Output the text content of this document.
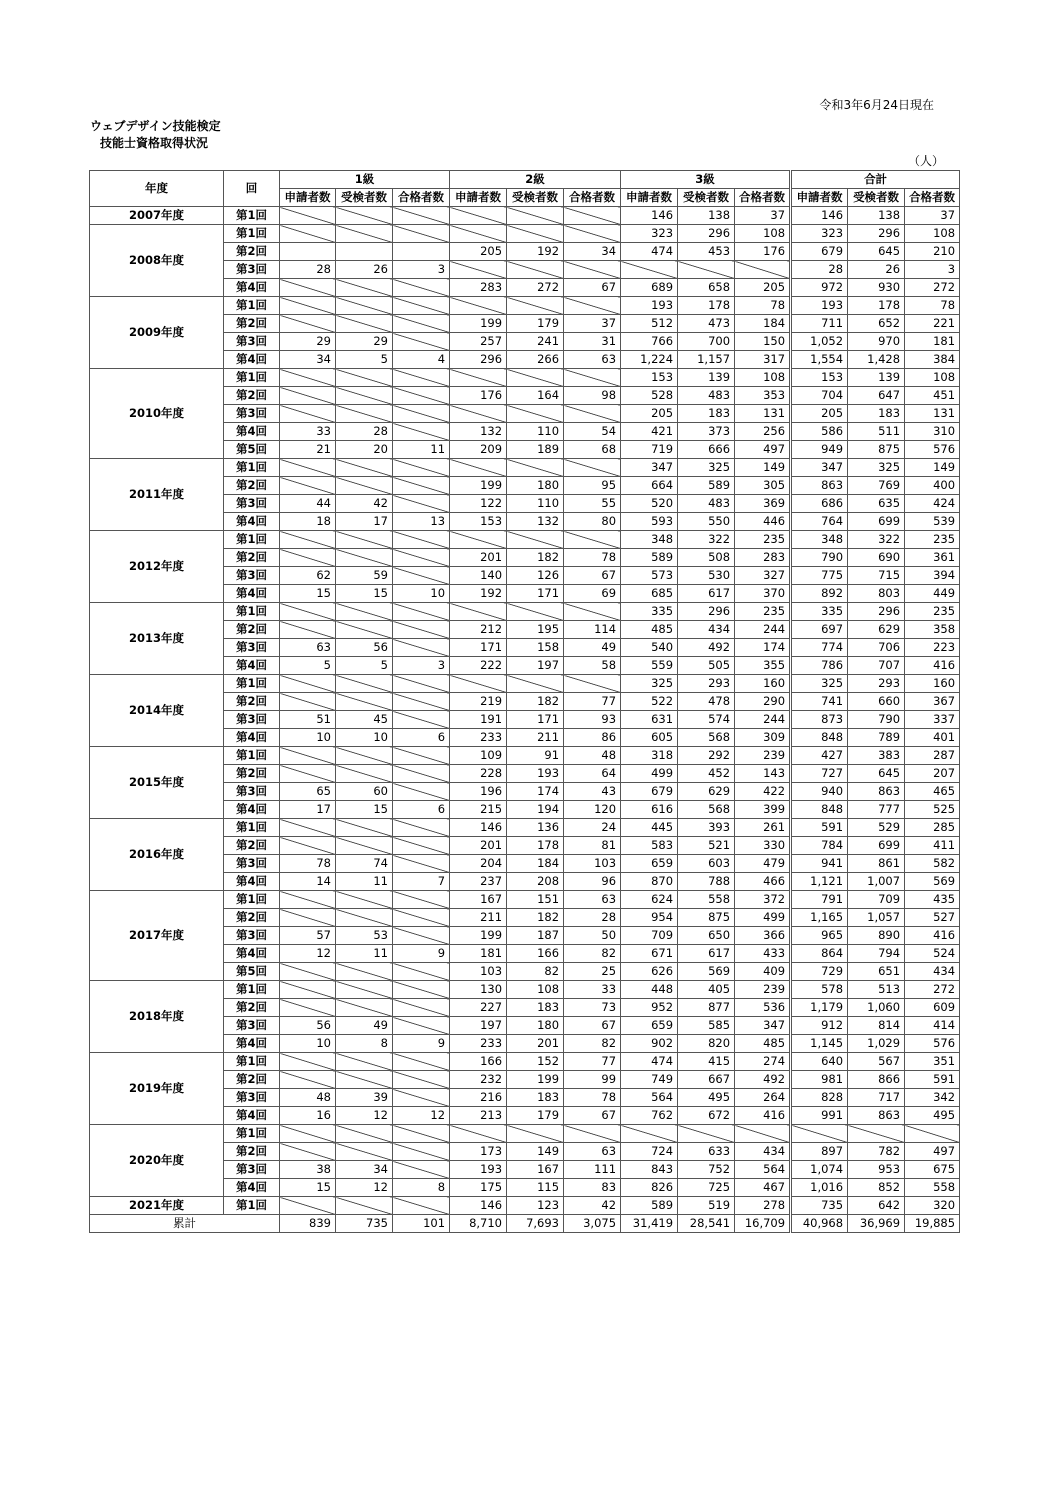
令和3年6月24日現在
ウェブデザイン技能検定
技能士資格取得状況
（人）
年度	回	1級			2級			3級			合計		
		申請者数	受検者数	合格者数	申請者数	受検者数	合格者数	申請者数	受検者数	合格者数	申請者数	受検者数	合格者数
2007年度	第1回							146	138	37	146	138	37
2008年度	第1回							323	296	108	323	296	108
	第2回				205	192	34	474	453	176	679	645	210
	第3回	28	26	3							28	26	3
	第4回				283	272	67	689	658	205	972	930	272
2009年度	第1回							193	178	78	193	178	78
	第2回				199	179	37	512	473	184	711	652	221
	第3回	29	29		257	241	31	766	700	150	1,052	970	181
	第4回	34	5	4	296	266	63	1,224	1,157	317	1,554	1,428	384
2010年度	第1回							153	139	108	153	139	108
	第2回				176	164	98	528	483	353	704	647	451
	第3回							205	183	131	205	183	131
	第4回	33	28		132	110	54	421	373	256	586	511	310
	第5回	21	20	11	209	189	68	719	666	497	949	875	576
2011年度	第1回							347	325	149	347	325	149
	第2回				199	180	95	664	589	305	863	769	400
	第3回	44	42		122	110	55	520	483	369	686	635	424
	第4回	18	17	13	153	132	80	593	550	446	764	699	539
2012年度	第1回							348	322	235	348	322	235
	第2回				201	182	78	589	508	283	790	690	361
	第3回	62	59		140	126	67	573	530	327	775	715	394
	第4回	15	15	10	192	171	69	685	617	370	892	803	449
2013年度	第1回							335	296	235	335	296	235
	第2回				212	195	114	485	434	244	697	629	358
	第3回	63	56		171	158	49	540	492	174	774	706	223
	第4回	5	5	3	222	197	58	559	505	355	786	707	416
2014年度	第1回							325	293	160	325	293	160
	第2回				219	182	77	522	478	290	741	660	367
	第3回	51	45		191	171	93	631	574	244	873	790	337
	第4回	10	10	6	233	211	86	605	568	309	848	789	401
2015年度	第1回				109	91	48	318	292	239	427	383	287
	第2回				228	193	64	499	452	143	727	645	207
	第3回	65	60		196	174	43	679	629	422	940	863	465
	第4回	17	15	6	215	194	120	616	568	399	848	777	525
2016年度	第1回				146	136	24	445	393	261	591	529	285
	第2回				201	178	81	583	521	330	784	699	411
	第3回	78	74		204	184	103	659	603	479	941	861	582
	第4回	14	11	7	237	208	96	870	788	466	1,121	1,007	569
2017年度	第1回				167	151	63	624	558	372	791	709	435
	第2回				211	182	28	954	875	499	1,165	1,057	527
	第3回	57	53		199	187	50	709	650	366	965	890	416
	第4回	12	11	9	181	166	82	671	617	433	864	794	524
	第5回				103	82	25	626	569	409	729	651	434
2018年度	第1回				130	108	33	448	405	239	578	513	272
	第2回				227	183	73	952	877	536	1,179	1,060	609
	第3回	56	49		197	180	67	659	585	347	912	814	414
	第4回	10	8	9	233	201	82	902	820	485	1,145	1,029	576
2019年度	第1回				166	152	77	474	415	274	640	567	351
	第2回				232	199	99	749	667	492	981	866	591
	第3回	48	39		216	183	78	564	495	264	828	717	342
	第4回	16	12	12	213	179	67	762	672	416	991	863	495
2020年度	第1回												
	第2回				173	149	63	724	633	434	897	782	497
	第3回	38	34		193	167	111	843	752	564	1,074	953	675
	第4回	15	12	8	175	115	83	826	725	467	1,016	852	558
2021年度	第1回				146	123	42	589	519	278	735	642	320
累計		839	735	101	8,710	7,693	3,075	31,419	28,541	16,709	40,968	36,969	19,885
